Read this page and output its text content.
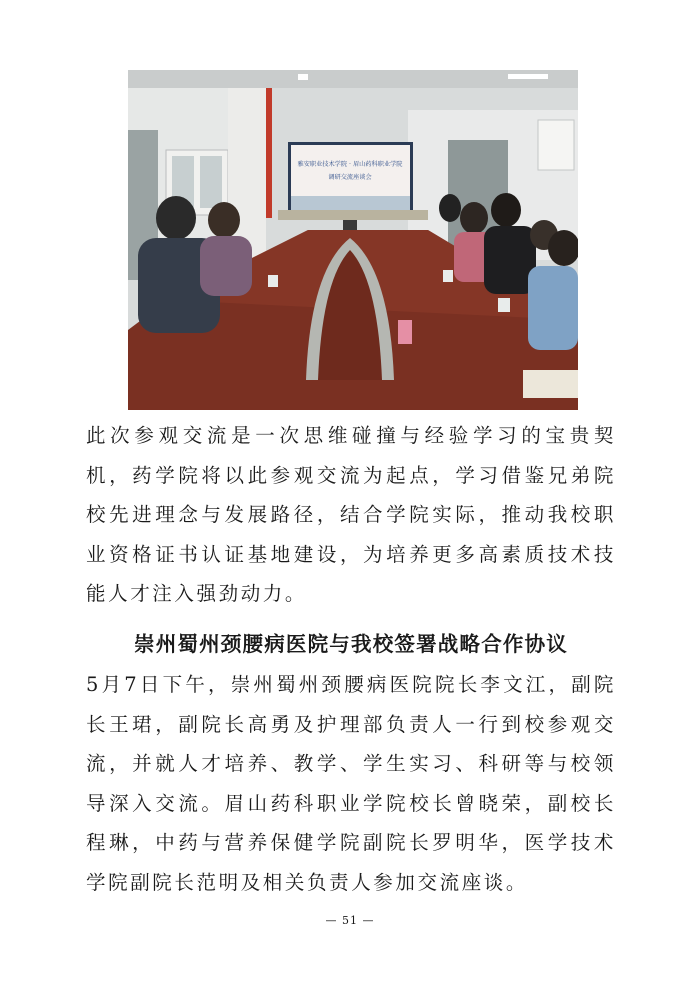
雅安职业技术学院 · 眉山药科职业学院
调研交流座谈会

此次参观交流是一次思维碰撞与经验学习的宝贵契机，药学院将以此参观交流为起点，学习借鉴兄弟院校先进理念与发展路径，结合学院实际，推动我校职业资格证书认证基地建设，为培养更多高素质技术技能人才注入强劲动力。

崇州蜀州颈腰病医院与我校签署战略合作协议

5月7日下午，崇州蜀州颈腰病医院院长李文江，副院长王珺，副院长高勇及护理部负责人一行到校参观交流，并就人才培养、教学、学生实习、科研等与校领导深入交流。眉山药科职业学院校长曾晓荣，副校长程琳，中药与营养保健学院副院长罗明华，医学技术学院副院长范明及相关负责人参加交流座谈。

— 51 —
